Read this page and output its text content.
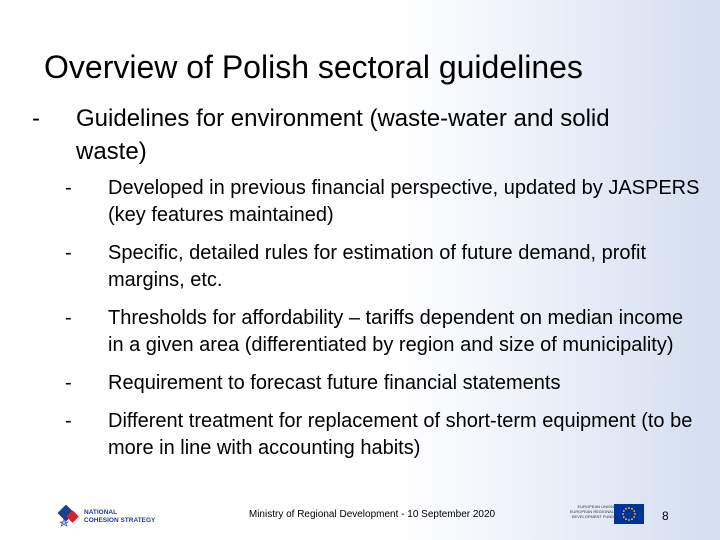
Overview of Polish sectoral guidelines
- Guidelines for environment (waste-water and solid waste)
- Developed in previous financial perspective, updated by JASPERS (key features maintained)
- Specific, detailed rules for estimation of future demand, profit margins, etc.
- Thresholds for affordability – tariffs dependent on median income in a given area (differentiated by region and size of municipality)
- Requirement to forecast future financial statements
- Different treatment for replacement of short-term equipment (to be more in line with accounting habits)
NATIONAL
COHESION STRATEGY
Ministry of Regional Development - 10 September 2020
EUROPEAN UNION EUROPEAN REGIONAL DEVELOPMENT FUND	8
